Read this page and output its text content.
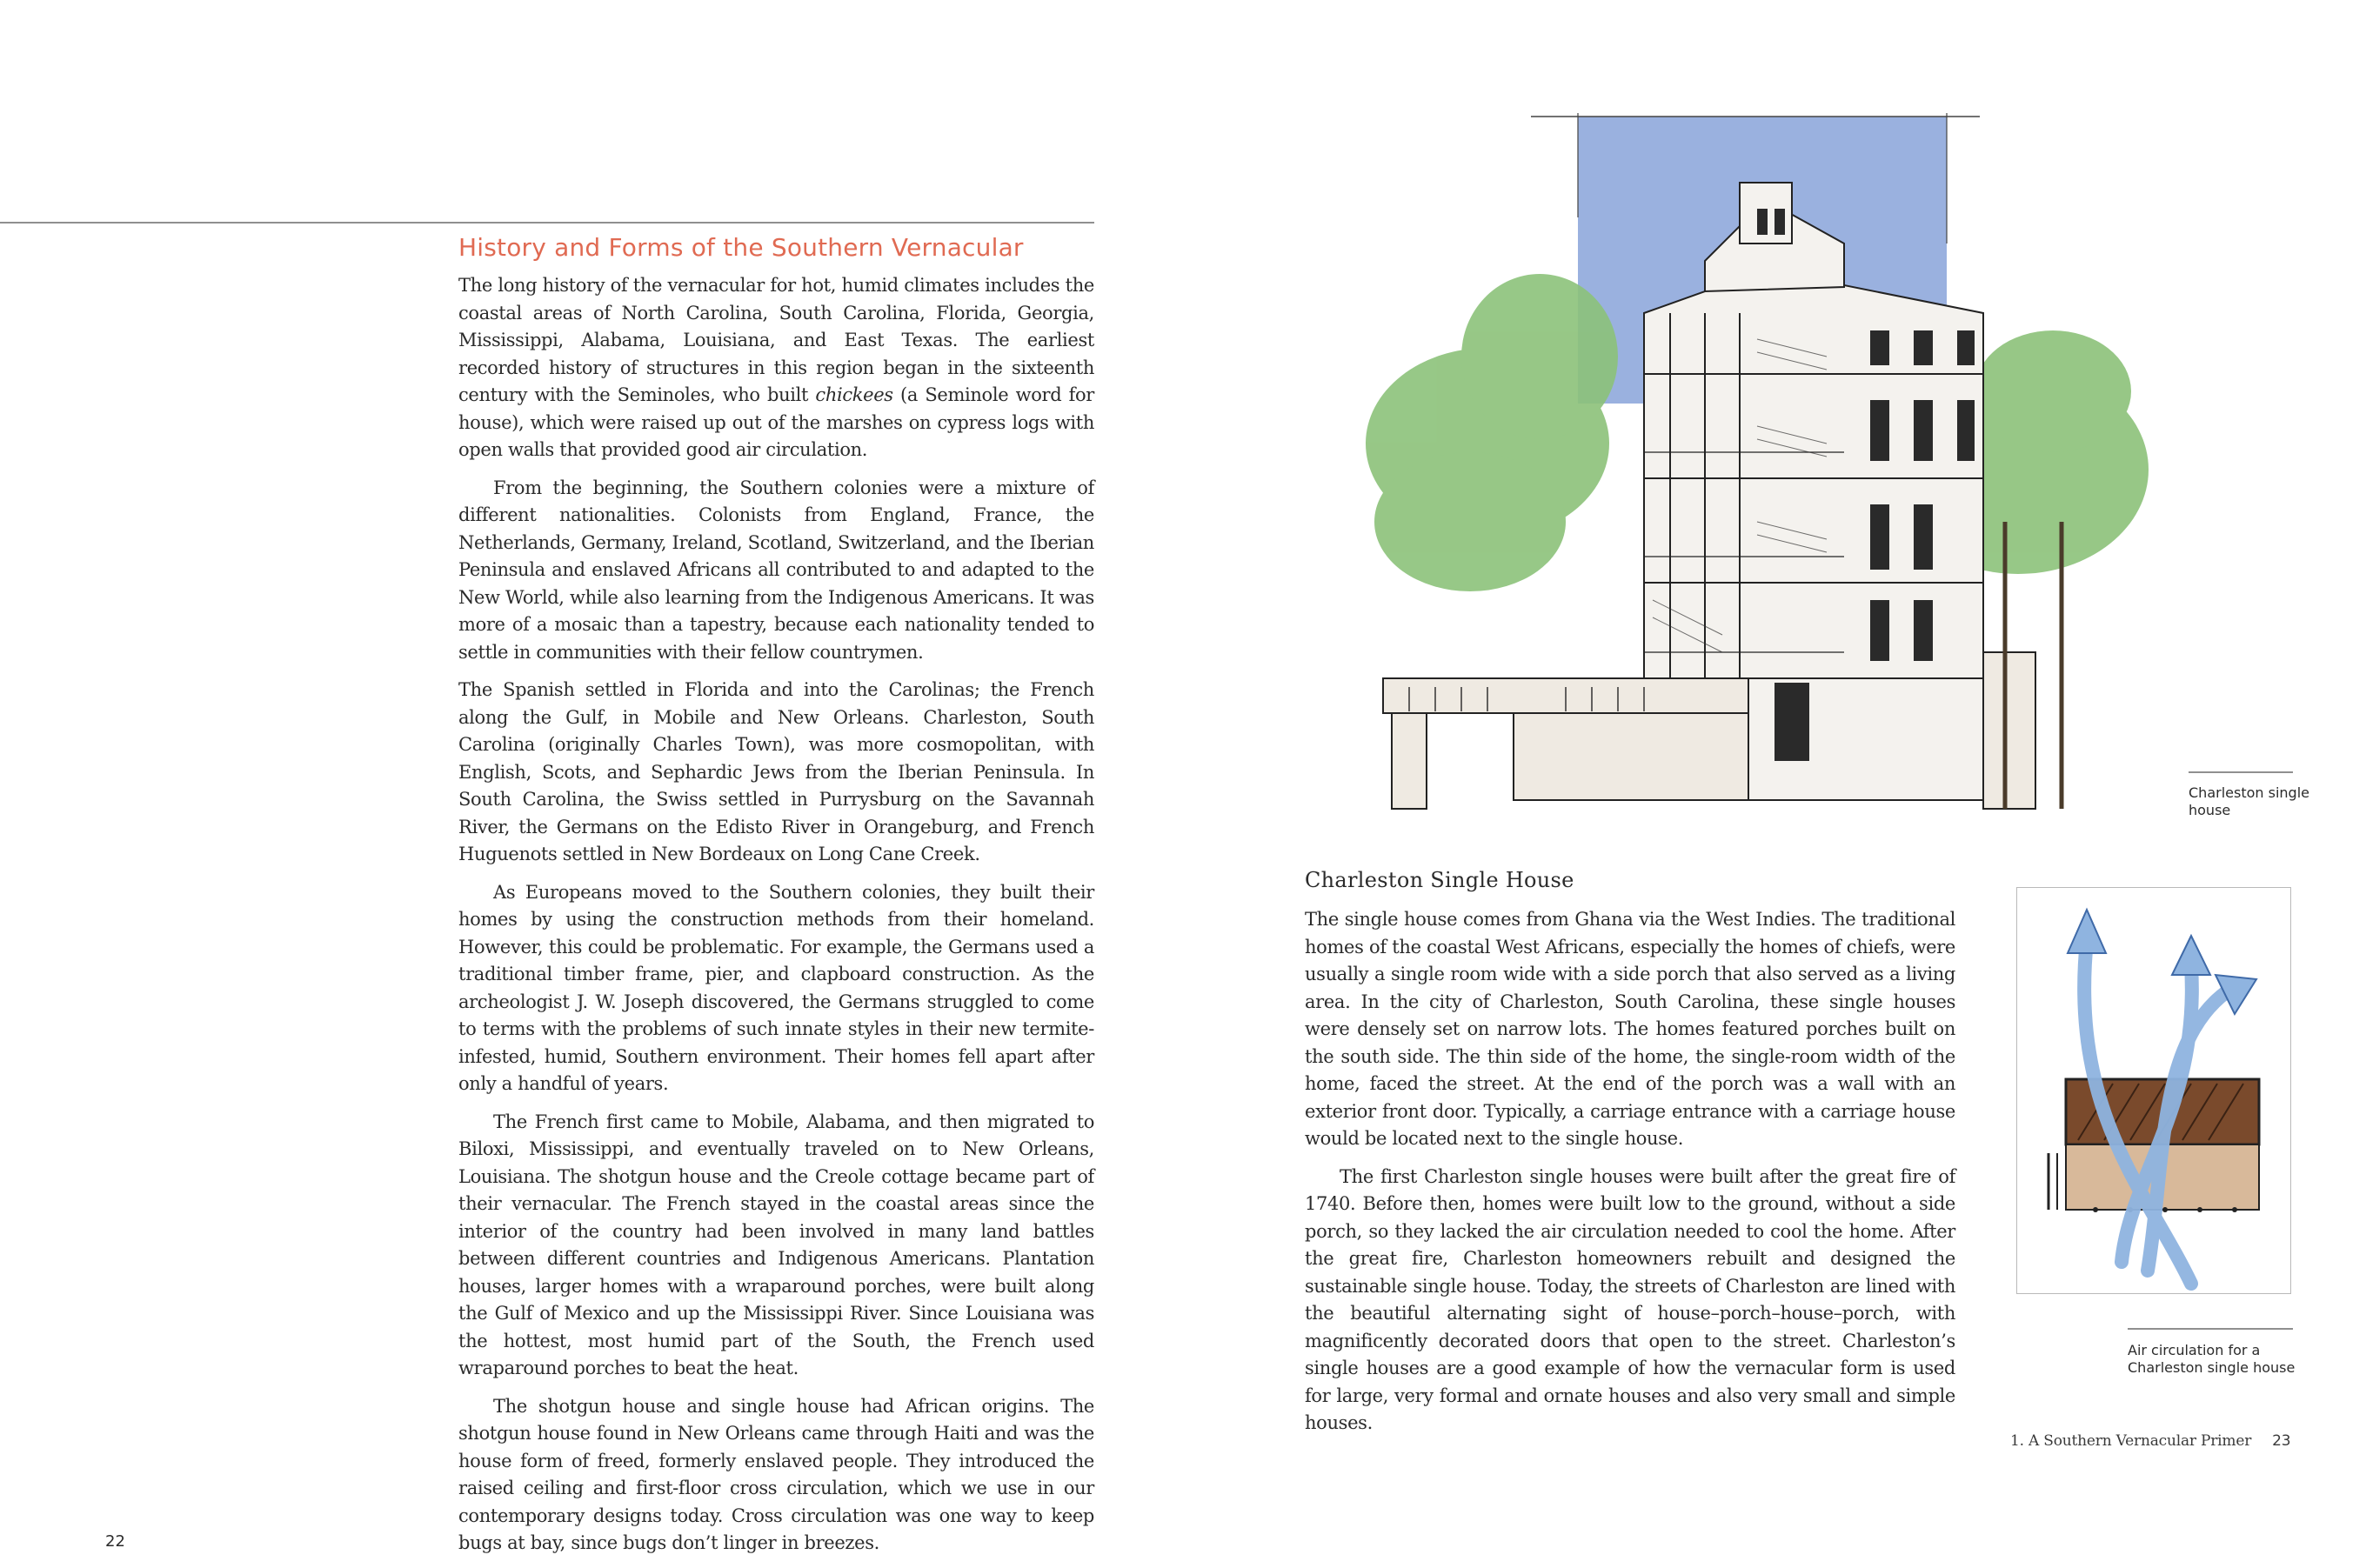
History and Forms of the Southern Vernacular

The long history of the vernacular for hot, humid climates includes the coastal areas of North Carolina, South Carolina, Florida, Georgia, Mississippi, Alabama, Louisiana, and East Texas. The earliest recorded history of structures in this region began in the sixteenth century with the Seminoles, who built chickees (a Seminole word for house), which were raised up out of the marshes on cypress logs with open walls that provided good air circulation.

From the beginning, the Southern colonies were a mixture of different nationalities. Colonists from England, France, the Netherlands, Germany, Ireland, Scotland, Switzerland, and the Iberian Peninsula and enslaved Africans all contributed to and adapted to the New World, while also learning from the Indigenous Americans. It was more of a mosaic than a tapestry, because each nationality tended to settle in communities with their fellow countrymen.

The Spanish settled in Florida and into the Carolinas; the French along the Gulf, in Mobile and New Orleans. Charleston, South Carolina (originally Charles Town), was more cosmopolitan, with English, Scots, and Sephardic Jews from the Iberian Peninsula. In South Carolina, the Swiss settled in Purrysburg on the Savannah River, the Germans on the Edisto River in Orangeburg, and French Huguenots settled in New Bordeaux on Long Cane Creek.

As Europeans moved to the Southern colonies, they built their homes by using the construction methods from their homeland. However, this could be problematic. For example, the Germans used a traditional timber frame, pier, and clapboard construction. As the archeologist J. W. Joseph discovered, the Germans struggled to come to terms with the problems of such innate styles in their new termite-infested, humid, Southern environment. Their homes fell apart after only a handful of years.

The French first came to Mobile, Alabama, and then migrated to Biloxi, Mississippi, and eventually traveled on to New Orleans, Louisiana. The shotgun house and the Creole cottage became part of their vernacular. The French stayed in the coastal areas since the interior of the country had been involved in many land battles between different countries and Indigenous Americans. Plantation houses, larger homes with a wraparound porches, were built along the Gulf of Mexico and up the Mississippi River. Since Louisiana was the hottest, most humid part of the South, the French used wraparound porches to beat the heat.

The shotgun house and single house had African origins. The shotgun house found in New Orleans came through Haiti and was the house form of freed, formerly enslaved people. They introduced the raised ceiling and first-floor cross circulation, which we use in our contemporary designs today. Cross circulation was one way to keep bugs at bay, since bugs don’t linger in breezes.

22
Charleston single house
Charleston Single House

The single house comes from Ghana via the West Indies. The traditional homes of the coastal West Africans, especially the homes of chiefs, were usually a single room wide with a side porch that also served as a living area. In the city of Charleston, South Carolina, these single houses were densely set on narrow lots. The homes featured porches built on the south side. The thin side of the home, the single-room width of the home, faced the street. At the end of the porch was a wall with an exterior front door. Typically, a carriage entrance with a carriage house would be located next to the single house.

The first Charleston single houses were built after the great fire of 1740. Before then, homes were built low to the ground, without a side porch, so they lacked the air circulation needed to cool the home. After the great fire, Charleston homeowners rebuilt and designed the sustainable single house. Today, the streets of Charleston are lined with the beautiful alternating sight of house–porch–house–porch, with magnificently decorated doors that open to the street. Charleston’s single houses are a good example of how the vernacular form is used for large, very formal and ornate houses and also very small and simple houses.

Air circulation for a Charleston single house
1. A Southern Vernacular Primer 23
